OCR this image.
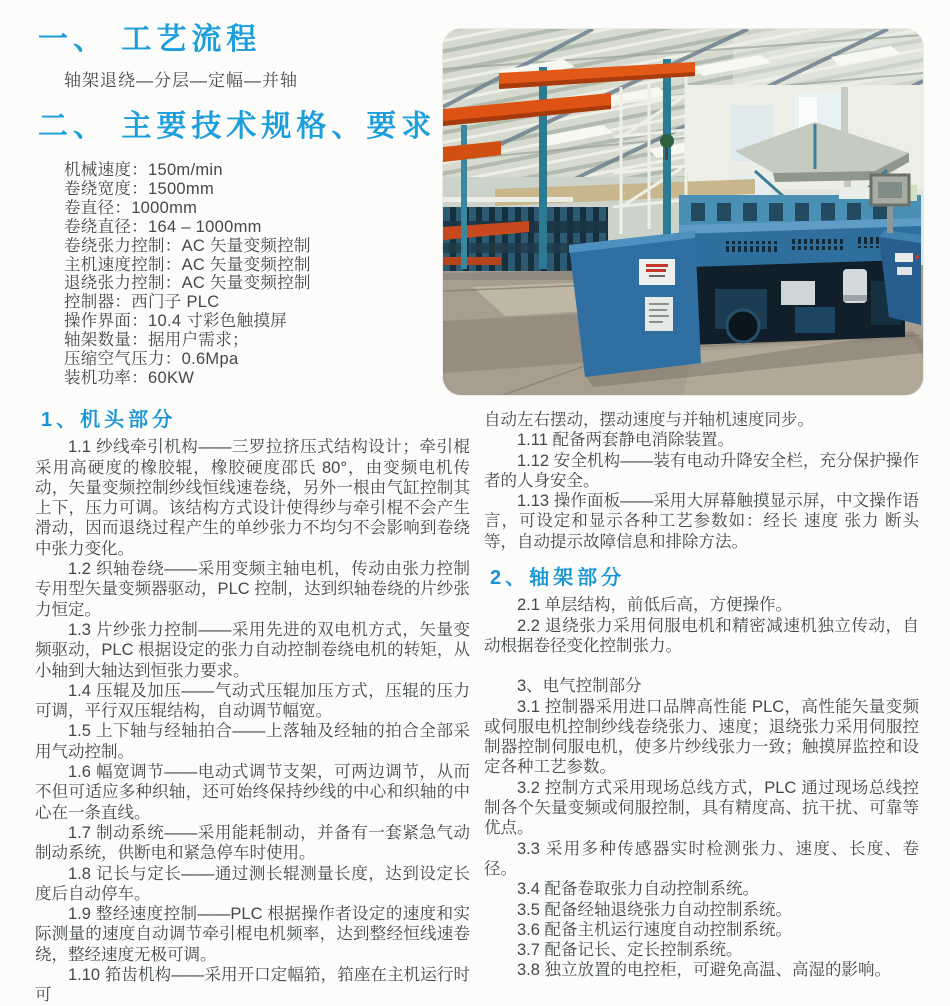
一、 工艺流程

轴架退绕—分层—定幅—并轴

二、 主要技术规格、要求
机械速度：150m/min
卷绕宽度：1500mm
卷直径：1000mm
卷绕直径：164 – 1000mm
卷绕张力控制：AC 矢量变频控制
主机速度控制：AC 矢量变频控制
退绕张力控制：AC 矢量变频控制
控制器：西门子 PLC
操作界面：10.4 寸彩色触摸屏
轴架数量：据用户需求；
压缩空气压力：0.6Mpa
装机功率：60KW
1、机头部分

1.1 纱线牵引机构——三罗拉挤压式结构设计；牵引棍采用高硬度的橡胶辊，橡胶硬度邵氏 80°，由变频电机传动，矢量变频控制纱线恒线速卷绕，另外一根由气缸控制其上下，压力可调。该结构方式设计使得纱与牵引棍不会产生滑动，因而退绕过程产生的单纱张力不均匀不会影响到卷绕中张力变化。

1.2 织轴卷绕——采用变频主轴电机，传动由张力控制专用型矢量变频器驱动，PLC 控制，达到织轴卷绕的片纱张力恒定。

1.3 片纱张力控制——采用先进的双电机方式，矢量变频驱动，PLC 根据设定的张力自动控制卷绕电机的转矩，从小轴到大轴达到恒张力要求。

1.4 压辊及加压——气动式压辊加压方式，压辊的压力可调，平行双压辊结构，自动调节幅宽。

1.5 上下轴与经轴拍合——上落轴及经轴的拍合全部采用气动控制。

1.6 幅宽调节——电动式调节支架，可两边调节，从而不但可适应多种织轴，还可始终保持纱线的中心和织轴的中心在一条直线。

1.7 制动系统——采用能耗制动，并备有一套紧急气动制动系统，供断电和紧急停车时使用。

1.8 记长与定长——通过测长辊测量长度，达到设定长度后自动停车。

1.9 整经速度控制——PLC 根据操作者设定的速度和实际测量的速度自动调节牵引棍电机频率，达到整经恒线速卷绕，整经速度无极可调。

1.10 筘齿机构——采用开口定幅筘，筘座在主机运行时可

自动左右摆动，摆动速度与并轴机速度同步。

1.11 配备两套静电消除装置。

1.12 安全机构——装有电动升降安全栏，充分保护操作者的人身安全。

1.13 操作面板——采用大屏幕触摸显示屏，中文操作语言，可设定和显示各种工艺参数如：经长 速度 张力 断头 等，自动提示故障信息和排除方法。

2、轴架部分

2.1 单层结构，前低后高，方便操作。

2.2 退绕张力采用伺服电机和精密减速机独立传动，自动根据卷径变化控制张力。

3、电气控制部分

3.1 控制器采用进口品牌高性能 PLC，高性能矢量变频或伺服电机控制纱线卷绕张力、速度；退绕张力采用伺服控制器控制伺服电机，使多片纱线张力一致；触摸屏监控和设定各种工艺参数。

3.2 控制方式采用现场总线方式，PLC 通过现场总线控制各个矢量变频或伺服控制，具有精度高、抗干扰、可靠等优点。

3.3 采用多种传感器实时检测张力、速度、长度、卷径。

3.4 配备卷取张力自动控制系统。

3.5 配备经轴退绕张力自动控制系统。

3.6 配备主机运行速度自动控制系统。

3.7 配备记长、定长控制系统。

3.8 独立放置的电控柜，可避免高温、高湿的影响。
